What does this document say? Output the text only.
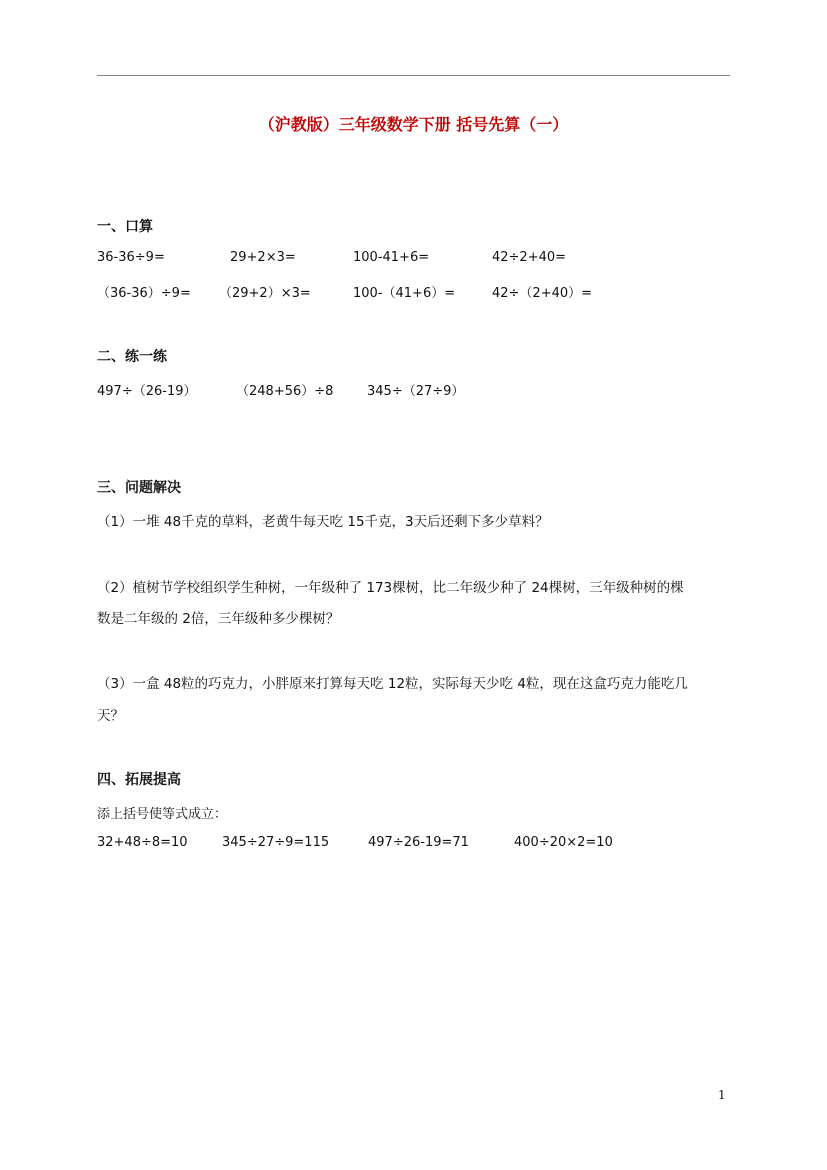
（沪教版）三年级数学下册 括号先算（一）
一、口算
36-36÷9=	29+2×3=	100-41+6=	42÷2+40=
（36-36）÷9= （29+2）×3=	100-（41+6）=	42÷（2+40）=
二、练一练
497÷（26-19）	（248+56）÷8	345÷（27÷9）
三、问题解决
（1）一堆 48千克的草料，老黄牛每天吃 15千克，3天后还剩下多少草料？
（2）植树节学校组织学生种树，一年级种了 173棵树，比二年级少种了 24棵树，三年级种树的棵
数是二年级的 2倍，三年级种多少棵树？
（3）一盒 48粒的巧克力，小胖原来打算每天吃 12粒，实际每天少吃 4粒，现在这盒巧克力能吃几
天？
四、拓展提高
添上括号使等式成立：
32+48÷8=10	345÷27÷9=115	497÷26-19=71	400÷20×2=10
1
